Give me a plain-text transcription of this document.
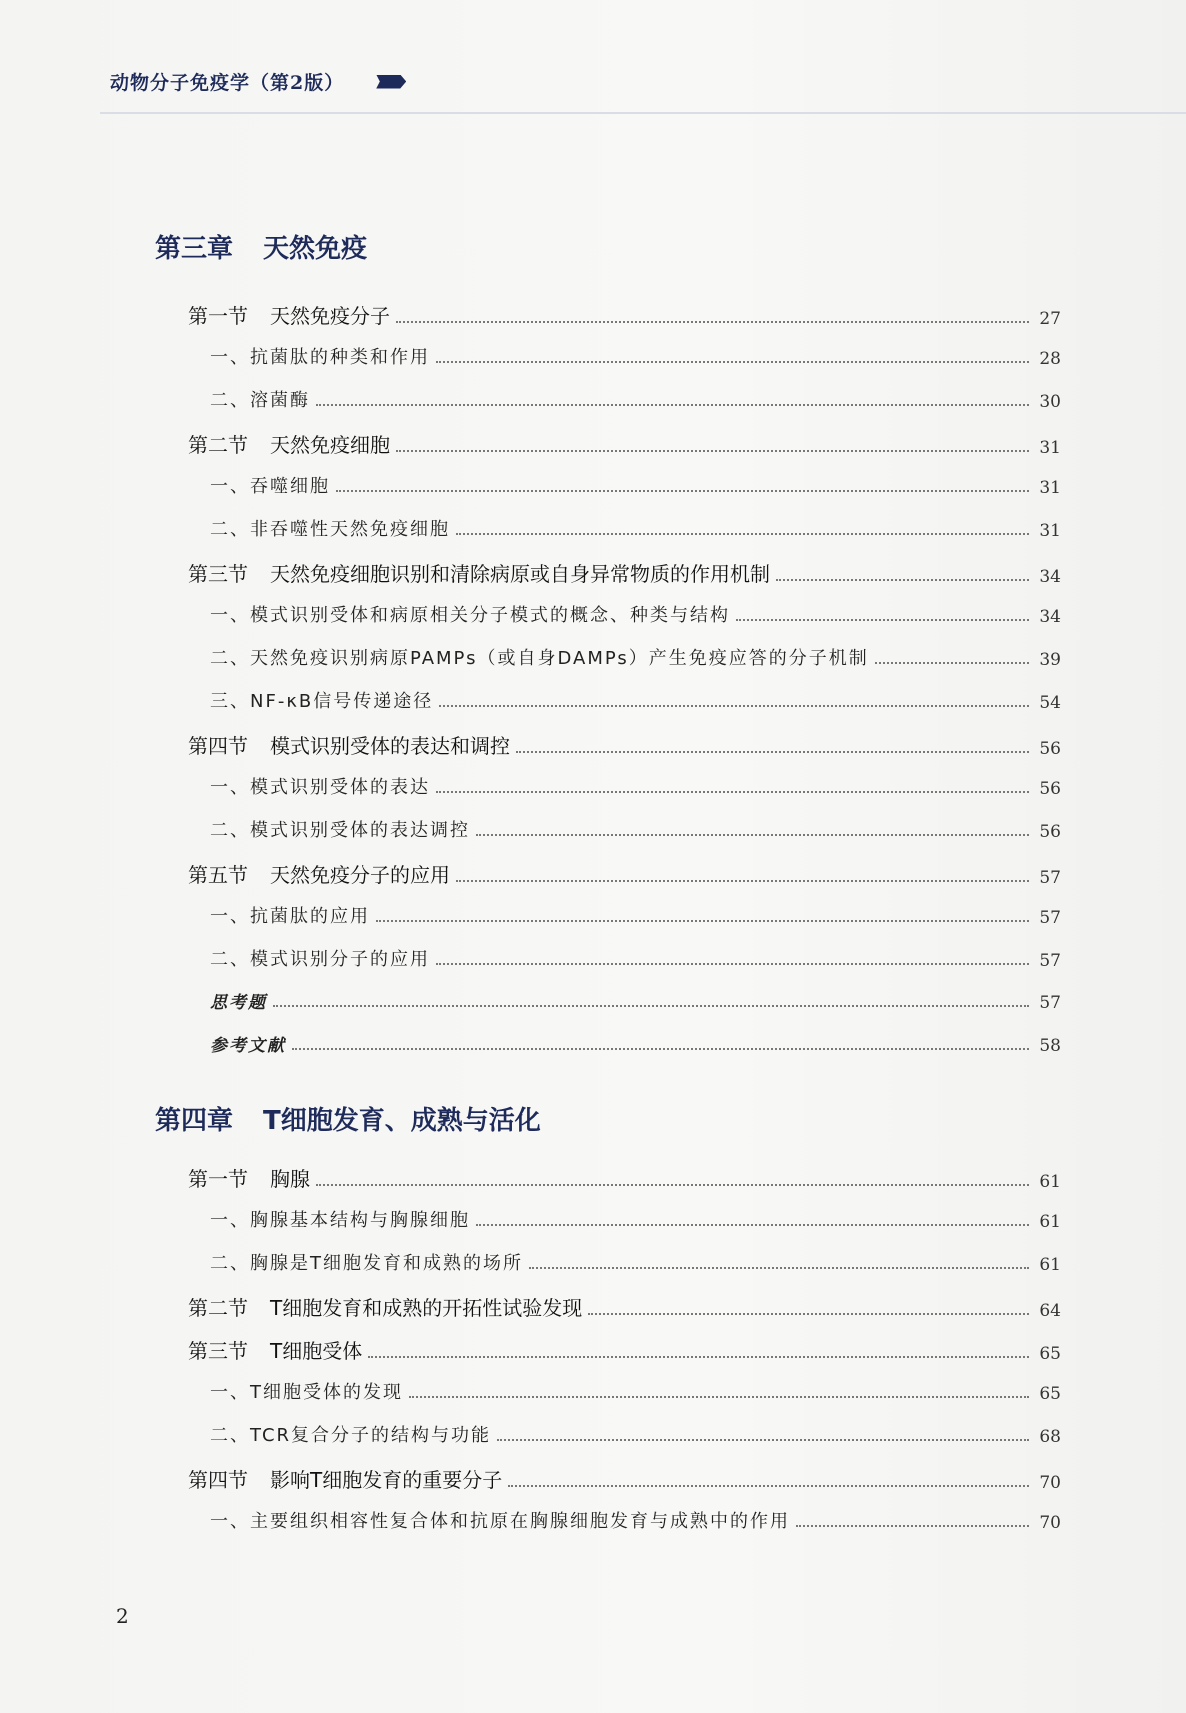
动物分子免疫学（第2版）
第三章 天然免疫
第一节 天然免疫分子	27
一、抗菌肽的种类和作用	28
二、溶菌酶	30
第二节 天然免疫细胞	31
一、吞噬细胞	31
二、非吞噬性天然免疫细胞	31
第三节 天然免疫细胞识别和清除病原或自身异常物质的作用机制	34
一、模式识别受体和病原相关分子模式的概念、种类与结构	34
二、天然免疫识别病原PAMPs（或自身DAMPs）产生免疫应答的分子机制	39
三、NF-κB信号传递途径	54
第四节 模式识别受体的表达和调控	56
一、模式识别受体的表达	56
二、模式识别受体的表达调控	56
第五节 天然免疫分子的应用	57
一、抗菌肽的应用	57
二、模式识别分子的应用	57
思考题	57
参考文献	58
第四章 T细胞发育、成熟与活化
第一节 胸腺	61
一、胸腺基本结构与胸腺细胞	61
二、胸腺是T细胞发育和成熟的场所	61
第二节 T细胞发育和成熟的开拓性试验发现	64
第三节 T细胞受体	65
一、T细胞受体的发现	65
二、TCR复合分子的结构与功能	68
第四节 影响T细胞发育的重要分子	70
一、主要组织相容性复合体和抗原在胸腺细胞发育与成熟中的作用	70
2
